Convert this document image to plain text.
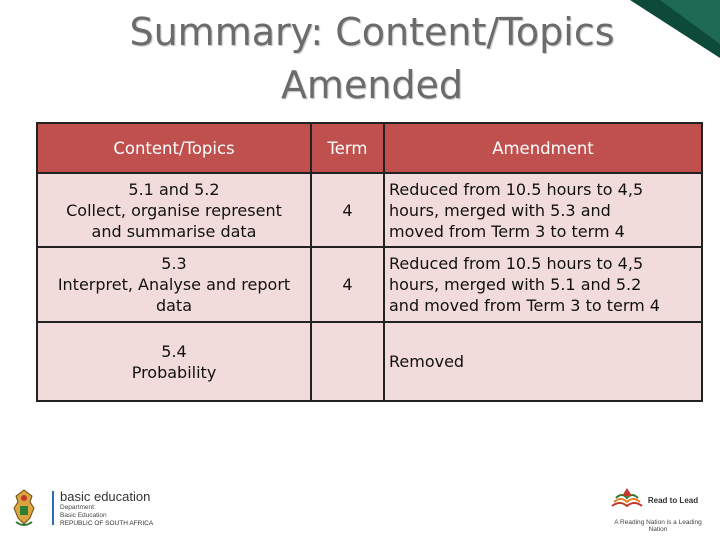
Summary: Content/Topics
Amended
Content/Topics	Term	Amendment

5.1 and 5.2
Collect, organise represent
and summarise data	4	Reduced from 10.5 hours to 4,5
hours, merged with 5.3 and
moved from Term 3 to term 4

5.3
Interpret, Analyse and report
data	4	Reduced from 10.5 hours to 4,5
hours, merged with 5.1 and 5.2
and moved from Term 3 to term 4

5.4
Probability		Removed
basic education
Department:
Basic Education
REPUBLIC OF SOUTH AFRICA
Read to Lead
A Reading Nation is a Leading Nation
